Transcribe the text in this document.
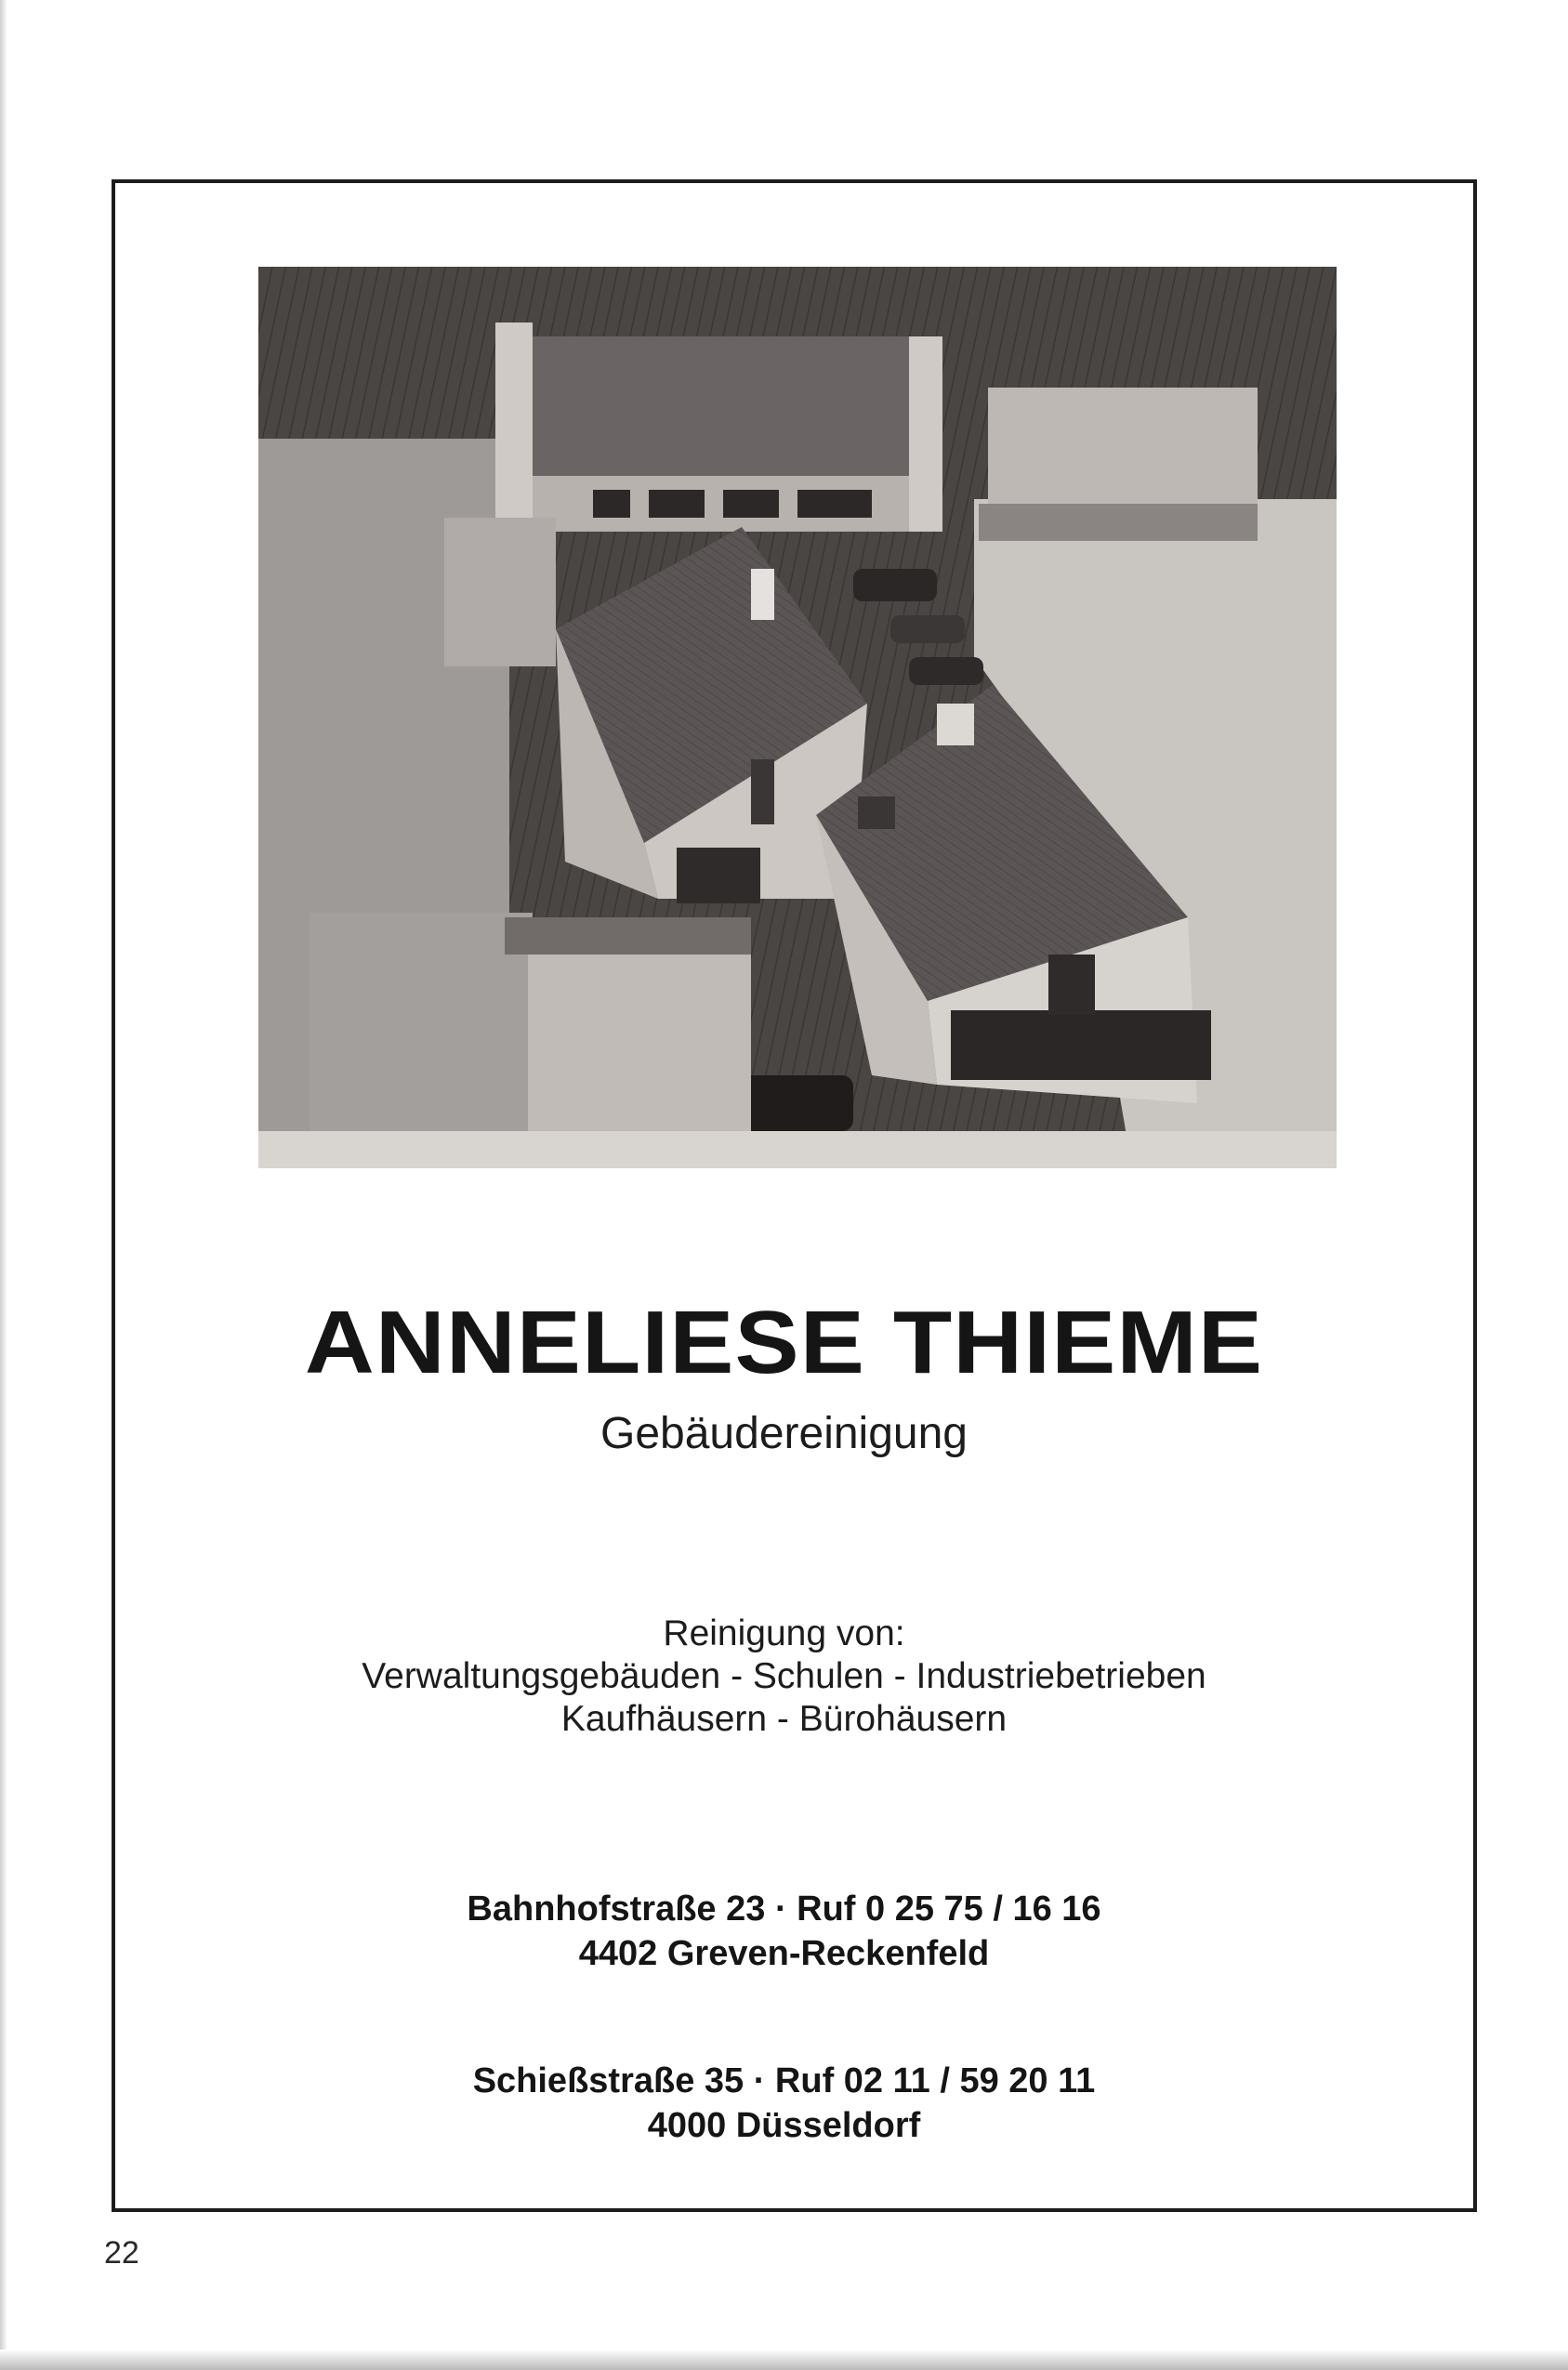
ANNELIESE THIEME
Gebäudereinigung
Reinigung von:
Verwaltungsgebäuden - Schulen - Industriebetrieben
Kaufhäusern - Bürohäusern
Bahnhofstraße 23 · Ruf 0 25 75 / 16 16
4402 Greven-Reckenfeld
Schießstraße 35 · Ruf 02 11 / 59 20 11
4000 Düsseldorf
22
